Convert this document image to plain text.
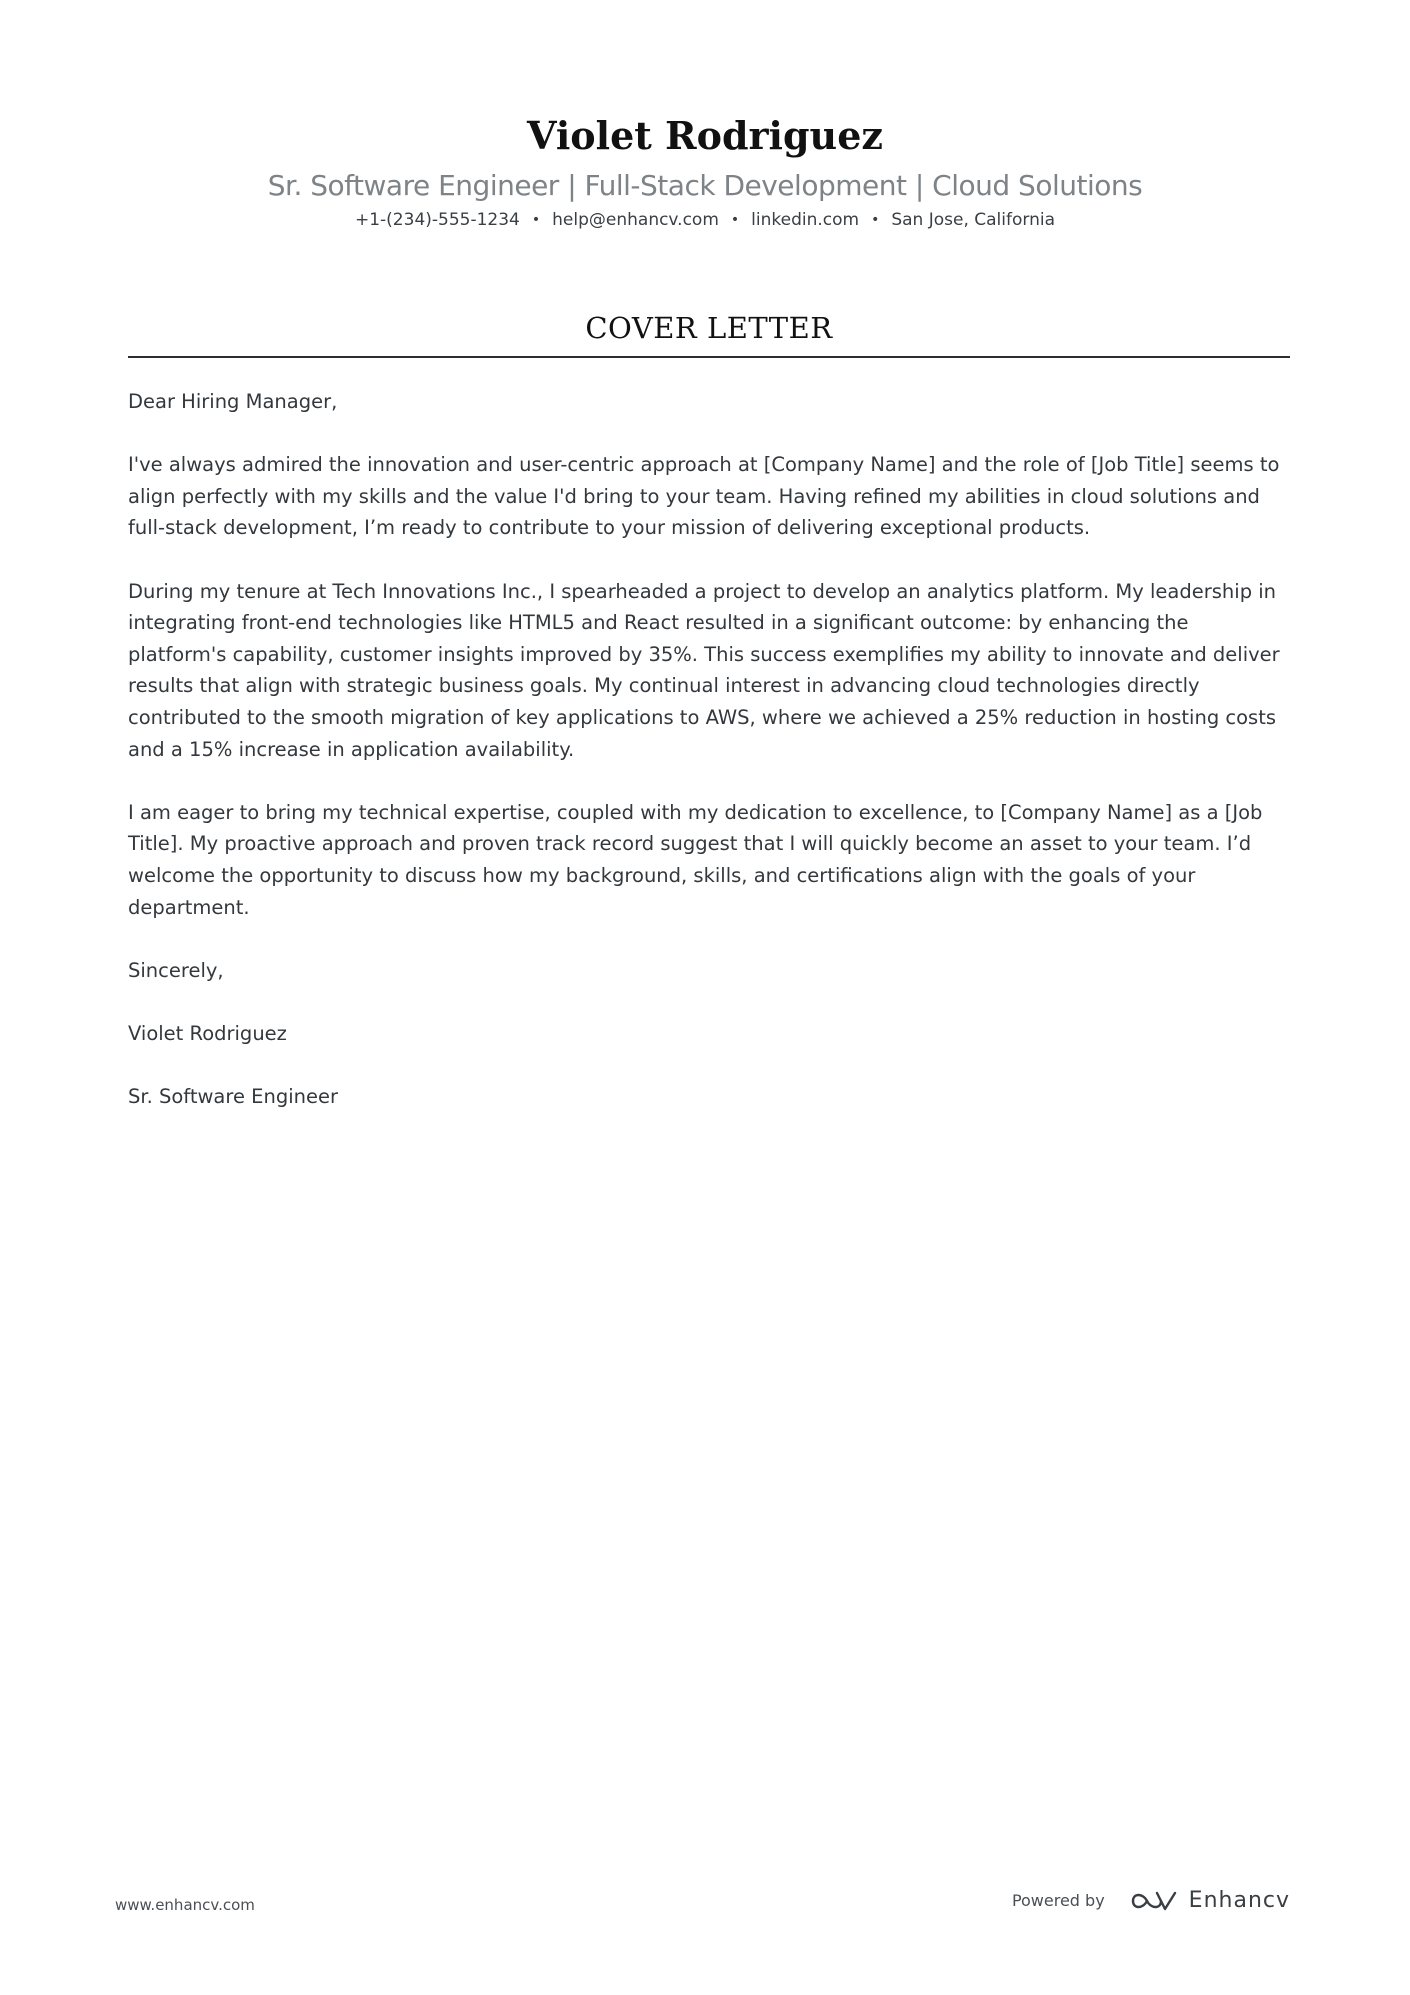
Violet Rodriguez
Sr. Software Engineer | Full-Stack Development | Cloud Solutions
+1-(234)-555-1234 • help@enhancv.com • linkedin.com • San Jose, California
COVER LETTER

Dear Hiring Manager,

I've always admired the innovation and user-centric approach at [Company Name] and the role of [Job Title] seems to align perfectly with my skills and the value I'd bring to your team. Having refined my abilities in cloud solutions and full-stack development, I’m ready to contribute to your mission of delivering exceptional products.

During my tenure at Tech Innovations Inc., I spearheaded a project to develop an analytics platform. My leadership in integrating front-end technologies like HTML5 and React resulted in a significant outcome: by enhancing the platform's capability, customer insights improved by 35%. This success exemplifies my ability to innovate and deliver results that align with strategic business goals. My continual interest in advancing cloud technologies directly contributed to the smooth migration of key applications to AWS, where we achieved a 25% reduction in hosting costs and a 15% increase in application availability.

I am eager to bring my technical expertise, coupled with my dedication to excellence, to [Company Name] as a [Job Title]. My proactive approach and proven track record suggest that I will quickly become an asset to your team. I’d welcome the opportunity to discuss how my background, skills, and certifications align with the goals of your department.

Sincerely,

Violet Rodriguez

Sr. Software Engineer

www.enhancv.com	Powered by	Enhancv
